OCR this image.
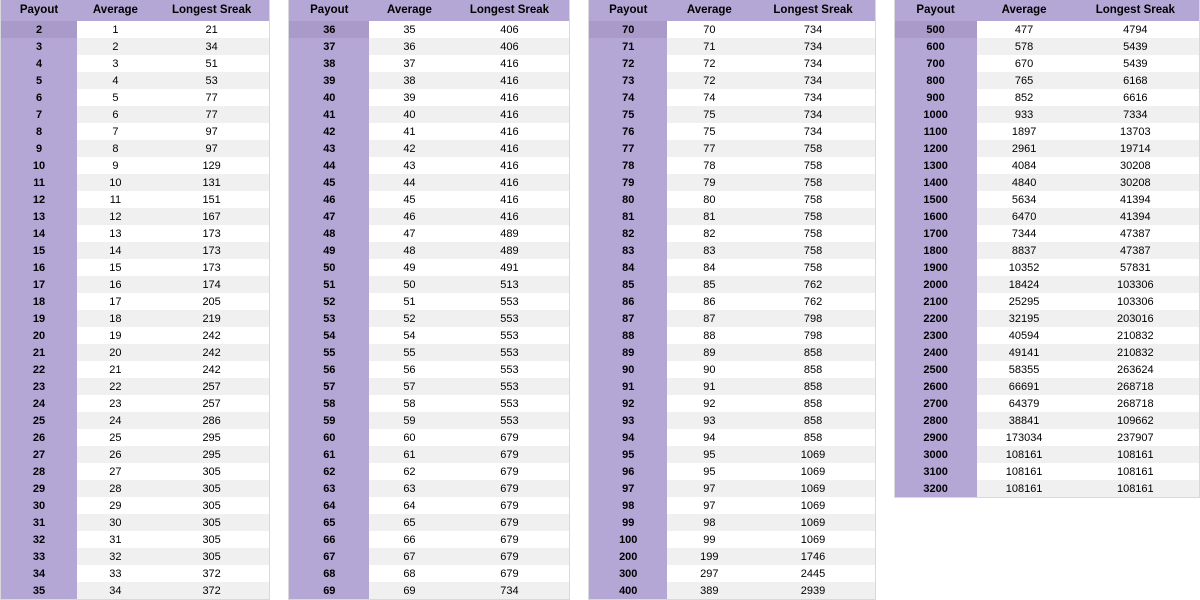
Payout	Average	Longest Sreak
2	1	21
3	2	34
4	3	51
5	4	53
6	5	77
7	6	77
8	7	97
9	8	97
10	9	129
11	10	131
12	11	151
13	12	167
14	13	173
15	14	173
16	15	173
17	16	174
18	17	205
19	18	219
20	19	242
21	20	242
22	21	242
23	22	257
24	23	257
25	24	286
26	25	295
27	26	295
28	27	305
29	28	305
30	29	305
31	30	305
32	31	305
33	32	305
34	33	372
35	34	372
Payout	Average	Longest Sreak
36	35	406
37	36	406
38	37	416
39	38	416
40	39	416
41	40	416
42	41	416
43	42	416
44	43	416
45	44	416
46	45	416
47	46	416
48	47	489
49	48	489
50	49	491
51	50	513
52	51	553
53	52	553
54	54	553
55	55	553
56	56	553
57	57	553
58	58	553
59	59	553
60	60	679
61	61	679
62	62	679
63	63	679
64	64	679
65	65	679
66	66	679
67	67	679
68	68	679
69	69	734
Payout	Average	Longest Sreak
70	70	734
71	71	734
72	72	734
73	72	734
74	74	734
75	75	734
76	75	734
77	77	758
78	78	758
79	79	758
80	80	758
81	81	758
82	82	758
83	83	758
84	84	758
85	85	762
86	86	762
87	87	798
88	88	798
89	89	858
90	90	858
91	91	858
92	92	858
93	93	858
94	94	858
95	95	1069
96	95	1069
97	97	1069
98	97	1069
99	98	1069
100	99	1069
200	199	1746
300	297	2445
400	389	2939
Payout	Average	Longest Sreak
500	477	4794
600	578	5439
700	670	5439
800	765	6168
900	852	6616
1000	933	7334
1100	1897	13703
1200	2961	19714
1300	4084	30208
1400	4840	30208
1500	5634	41394
1600	6470	41394
1700	7344	47387
1800	8837	47387
1900	10352	57831
2000	18424	103306
2100	25295	103306
2200	32195	203016
2300	40594	210832
2400	49141	210832
2500	58355	263624
2600	66691	268718
2700	64379	268718
2800	38841	109662
2900	173034	237907
3000	108161	108161
3100	108161	108161
3200	108161	108161
